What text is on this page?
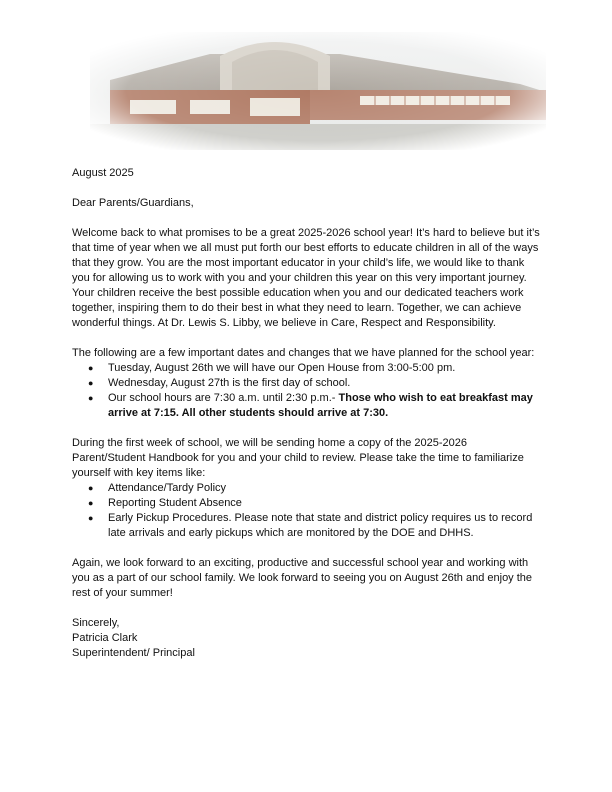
August 2025

Dear Parents/Guardians,

Welcome back to what promises to be a great 2025-2026 school year! It’s hard to believe but it’s that time of year when we all must put forth our best efforts to educate children in all of the ways that they grow. You are the most important educator in your child’s life, we would like to thank you for allowing us to work with you and your children this year on this very important journey. Your children receive the best possible education when you and our dedicated teachers work together, inspiring them to do their best in what they need to learn. Together, we can achieve wonderful things. At Dr. Lewis S. Libby, we believe in Care, Respect and Responsibility.

The following are a few important dates and changes that we have planned for the school year:

● Tuesday, August 26th we will have our Open House from 3:00-5:00 pm.
● Wednesday, August 27th is the first day of school.
● Our school hours are 7:30 a.m. until 2:30 p.m.- Those who wish to eat breakfast may arrive at 7:15. All other students should arrive at 7:30.

During the first week of school, we will be sending home a copy of the 2025-2026 Parent/Student Handbook for you and your child to review. Please take the time to familiarize yourself with key items like:

● Attendance/Tardy Policy
● Reporting Student Absence
● Early Pickup Procedures. Please note that state and district policy requires us to record late arrivals and early pickups which are monitored by the DOE and DHHS.

Again, we look forward to an exciting, productive and successful school year and working with you as a part of our school family. We look forward to seeing you on August 26th and enjoy the rest of your summer!

Sincerely,

Patricia Clark

Superintendent/ Principal
